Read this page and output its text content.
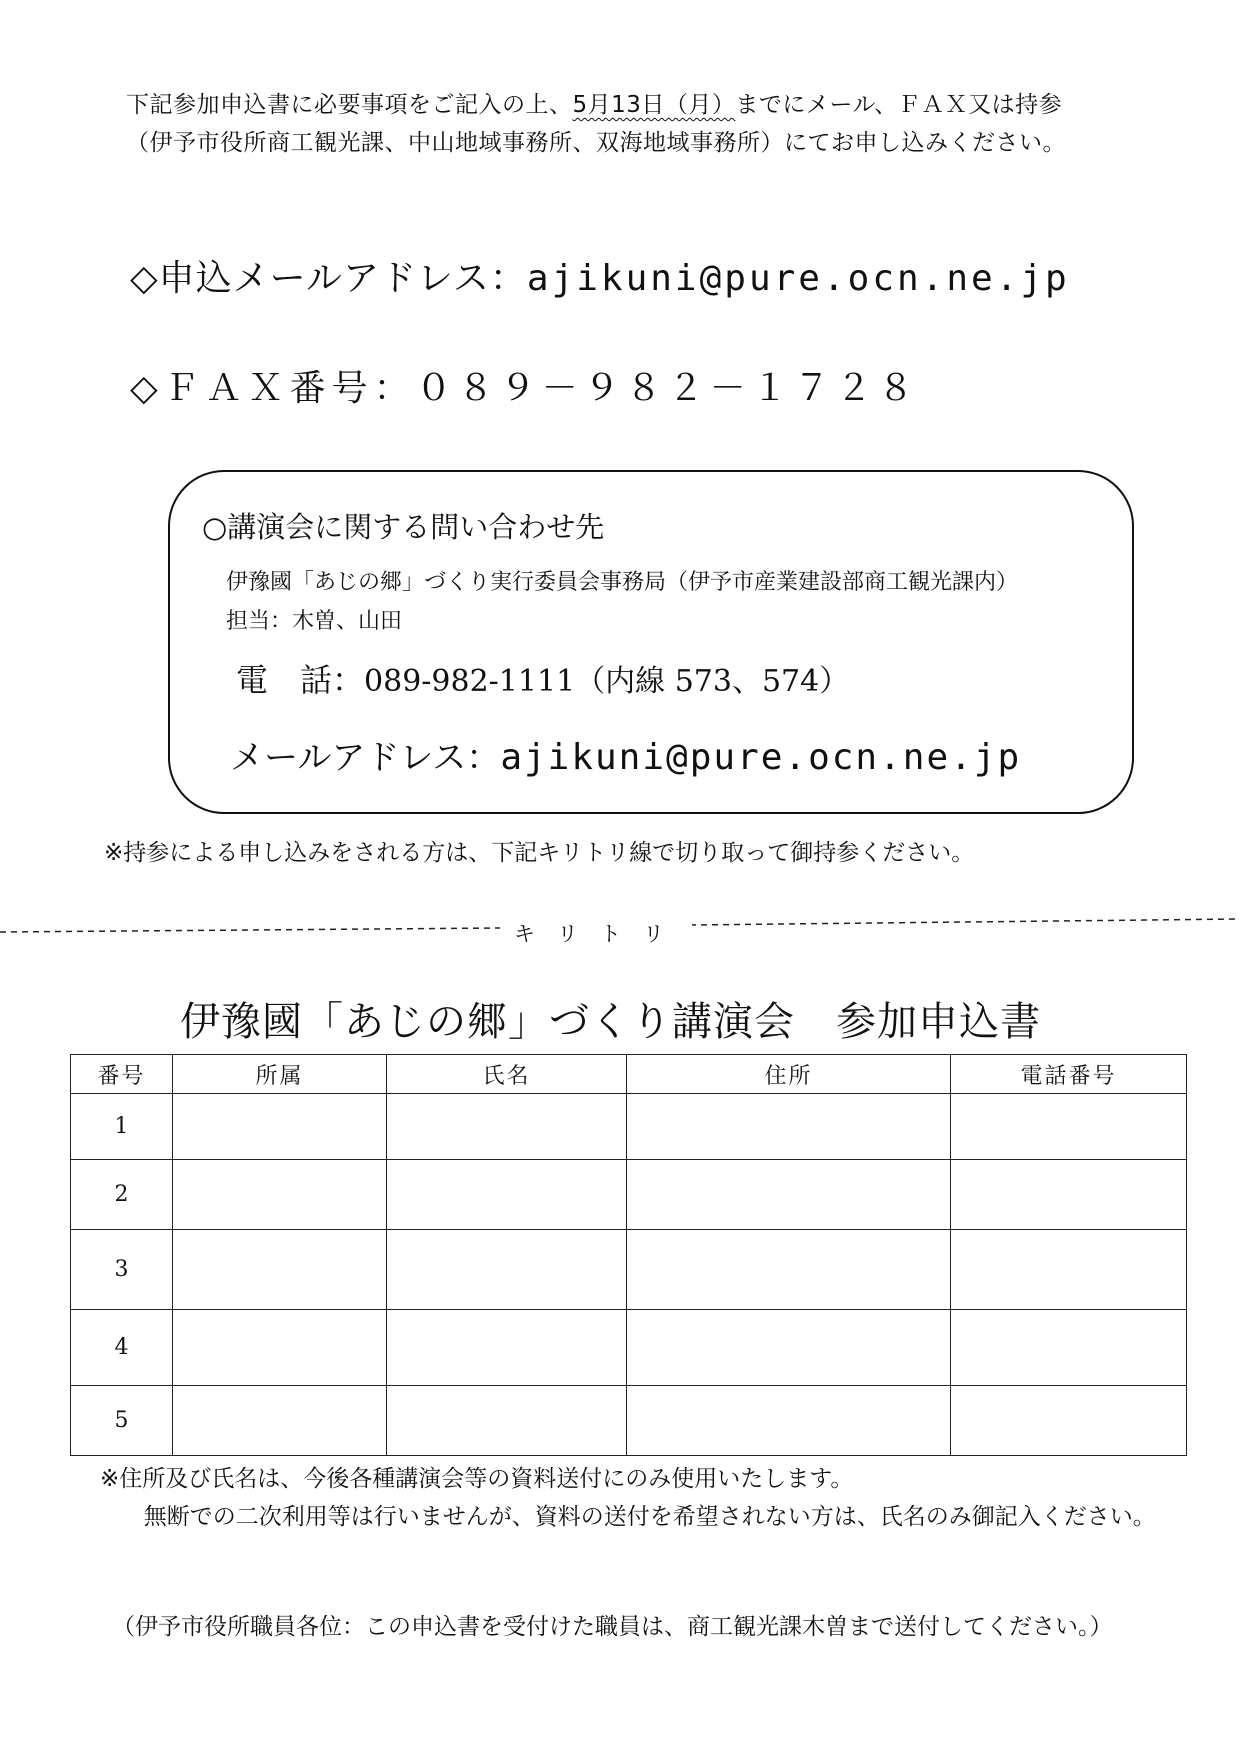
下記参加申込書に必要事項をご記入の上、5月13日（月）までにメール、ＦＡＸ又は持参
（伊予市役所商工観光課、中山地域事務所、双海地域事務所）にてお申し込みください。
◇申込メールアドレス：ajikuni@pure.ocn.ne.jp
◇ＦＡＸ番号：０８９－９８２－１７２８
○講演会に関する問い合わせ先
伊豫國「あじの郷」づくり実行委員会事務局（伊予市産業建設部商工観光課内）
担当：木曽、山田
電　話：089-982-1111（内線 573、574）
メールアドレス：ajikuni@pure.ocn.ne.jp
※持参による申し込みをされる方は、下記キリトリ線で切り取って御持参ください。
キリトリ
伊豫國「あじの郷」づくり講演会　参加申込書
番号	所属	氏名	住所	電話番号
1				
2				
3				
4				
5				

※住所及び氏名は、今後各種講演会等の資料送付にのみ使用いたします。

無断での二次利用等は行いませんが、資料の送付を希望されない方は、氏名のみ御記入ください。

（伊予市役所職員各位：この申込書を受付けた職員は、商工観光課木曽まで送付してください。）
